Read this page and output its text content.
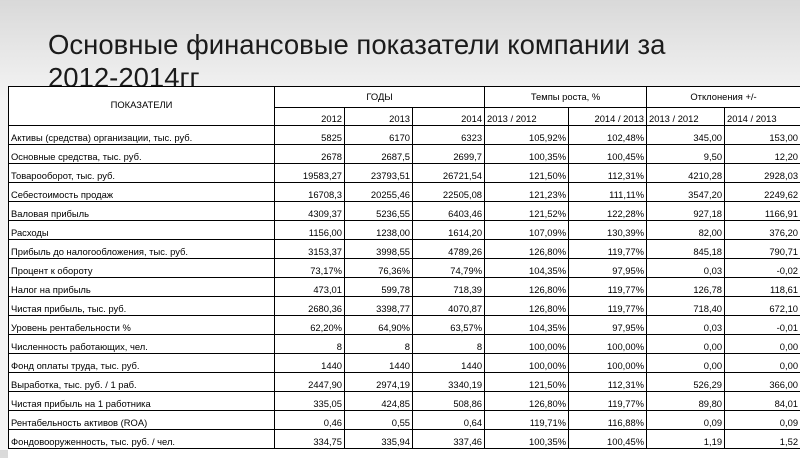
Основные финансовые показатели компании за
2012-2014гг
ПОКАЗАТЕЛИ	ГОДЫ			Темпы роста, %		Отклонения +/-	
	2012	2013	2014	2013 / 2012	2014 / 2013	2013 / 2012	2014 / 2013
Активы (средства) организации, тыс. руб.	5825	6170	6323	105,92%	102,48%	345,00	153,00
Основные средства, тыс. руб.	2678	2687,5	2699,7	100,35%	100,45%	9,50	12,20
Товарооборот, тыс. руб.	19583,27	23793,51	26721,54	121,50%	112,31%	4210,28	2928,03
Себестоимость продаж	16708,3	20255,46	22505,08	121,23%	111,11%	3547,20	2249,62
Валовая прибыль	4309,37	5236,55	6403,46	121,52%	122,28%	927,18	1166,91
Расходы	1156,00	1238,00	1614,20	107,09%	130,39%	82,00	376,20
Прибыль до налогообложения, тыс. руб.	3153,37	3998,55	4789,26	126,80%	119,77%	845,18	790,71
Процент к обороту	73,17%	76,36%	74,79%	104,35%	97,95%	0,03	-0,02
Налог на прибыль	473,01	599,78	718,39	126,80%	119,77%	126,78	118,61
Чистая прибыль, тыс. руб.	2680,36	3398,77	4070,87	126,80%	119,77%	718,40	672,10
Уровень рентабельности %	62,20%	64,90%	63,57%	104,35%	97,95%	0,03	-0,01
Численность работающих, чел.	8	8	8	100,00%	100,00%	0,00	0,00
Фонд оплаты труда, тыс. руб.	1440	1440	1440	100,00%	100,00%	0,00	0,00
Выработка, тыс. руб. / 1 раб.	2447,90	2974,19	3340,19	121,50%	112,31%	526,29	366,00
Чистая прибыль на 1 работника	335,05	424,85	508,86	126,80%	119,77%	89,80	84,01
Рентабельность активов (ROA)	0,46	0,55	0,64	119,71%	116,88%	0,09	0,09
Фондовооруженность, тыс. руб. / чел.	334,75	335,94	337,46	100,35%	100,45%	1,19	1,52
